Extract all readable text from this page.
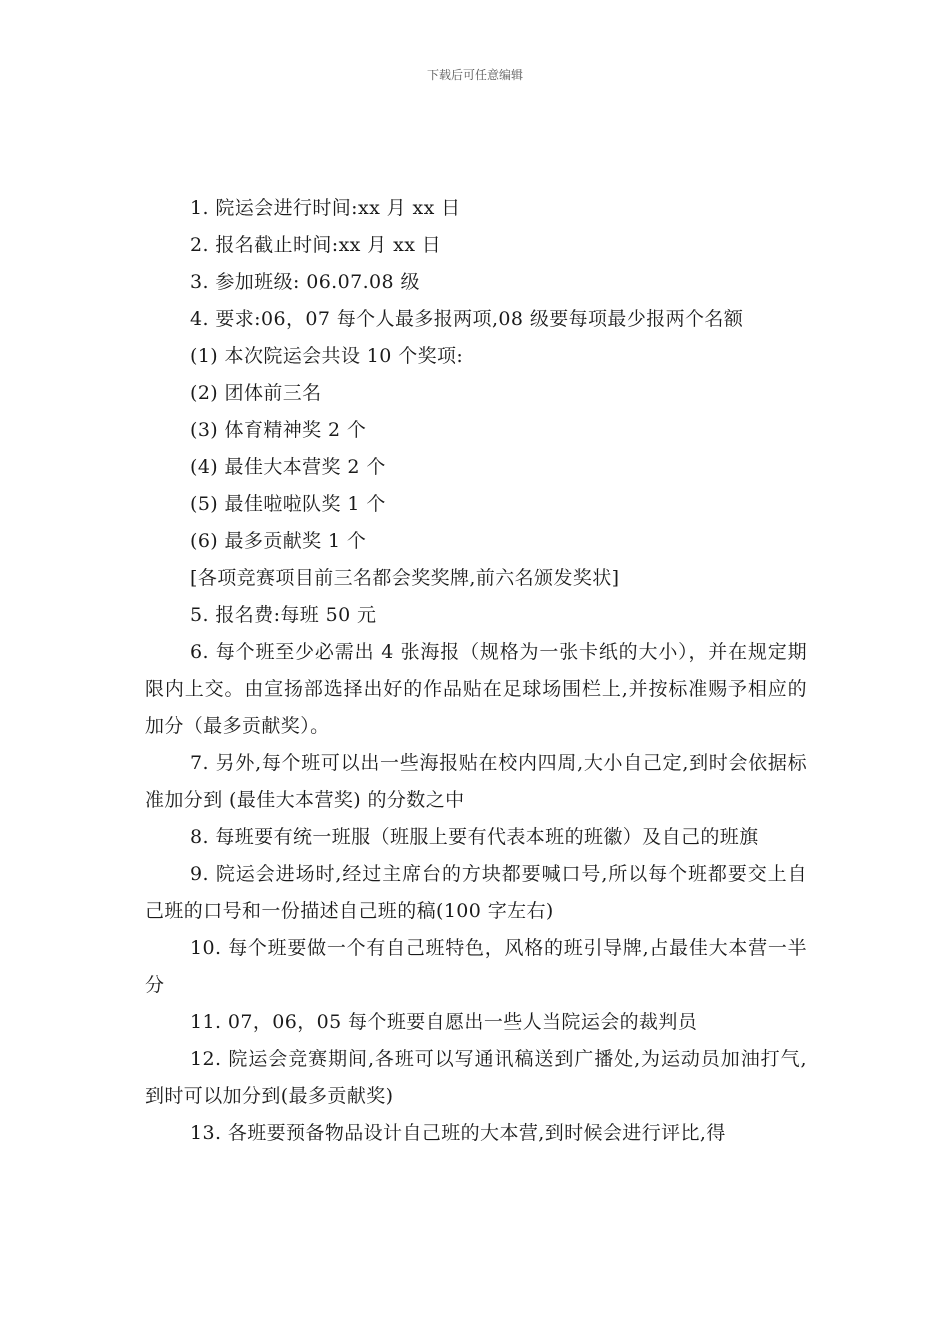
下载后可任意编辑

1. 院运会进行时间:xx 月 xx 日

2. 报名截止时间:xx 月 xx 日

3. 参加班级: 06.07.08 级

4. 要求:06，07 每个人最多报两项,08 级要每项最少报两个名额

(1) 本次院运会共设 10 个奖项:

(2) 团体前三名

(3) 体育精神奖 2 个

(4) 最佳大本营奖 2 个

(5) 最佳啦啦队奖 1 个

(6) 最多贡献奖 1 个

[各项竞赛项目前三名都会奖奖牌,前六名颁发奖状]

5. 报名费:每班 50 元

6. 每个班至少必需出 4 张海报（规格为一张卡纸的大小），并在规定期限内上交。由宣扬部选择出好的作品贴在足球场围栏上,并按标准赐予相应的加分（最多贡献奖）。

7. 另外,每个班可以出一些海报贴在校内四周,大小自己定,到时会依据标准加分到 (最佳大本营奖) 的分数之中

8. 每班要有统一班服（班服上要有代表本班的班徽）及自己的班旗

9. 院运会进场时,经过主席台的方块都要喊口号,所以每个班都要交上自己班的口号和一份描述自己班的稿(100 字左右)

10. 每个班要做一个有自己班特色，风格的班引导牌,占最佳大本营一半分

11. 07，06，05 每个班要自愿出一些人当院运会的裁判员

12. 院运会竞赛期间,各班可以写通讯稿送到广播处,为运动员加油打气,到时可以加分到(最多贡献奖)

13. 各班要预备物品设计自己班的大本营,到时候会进行评比,得
